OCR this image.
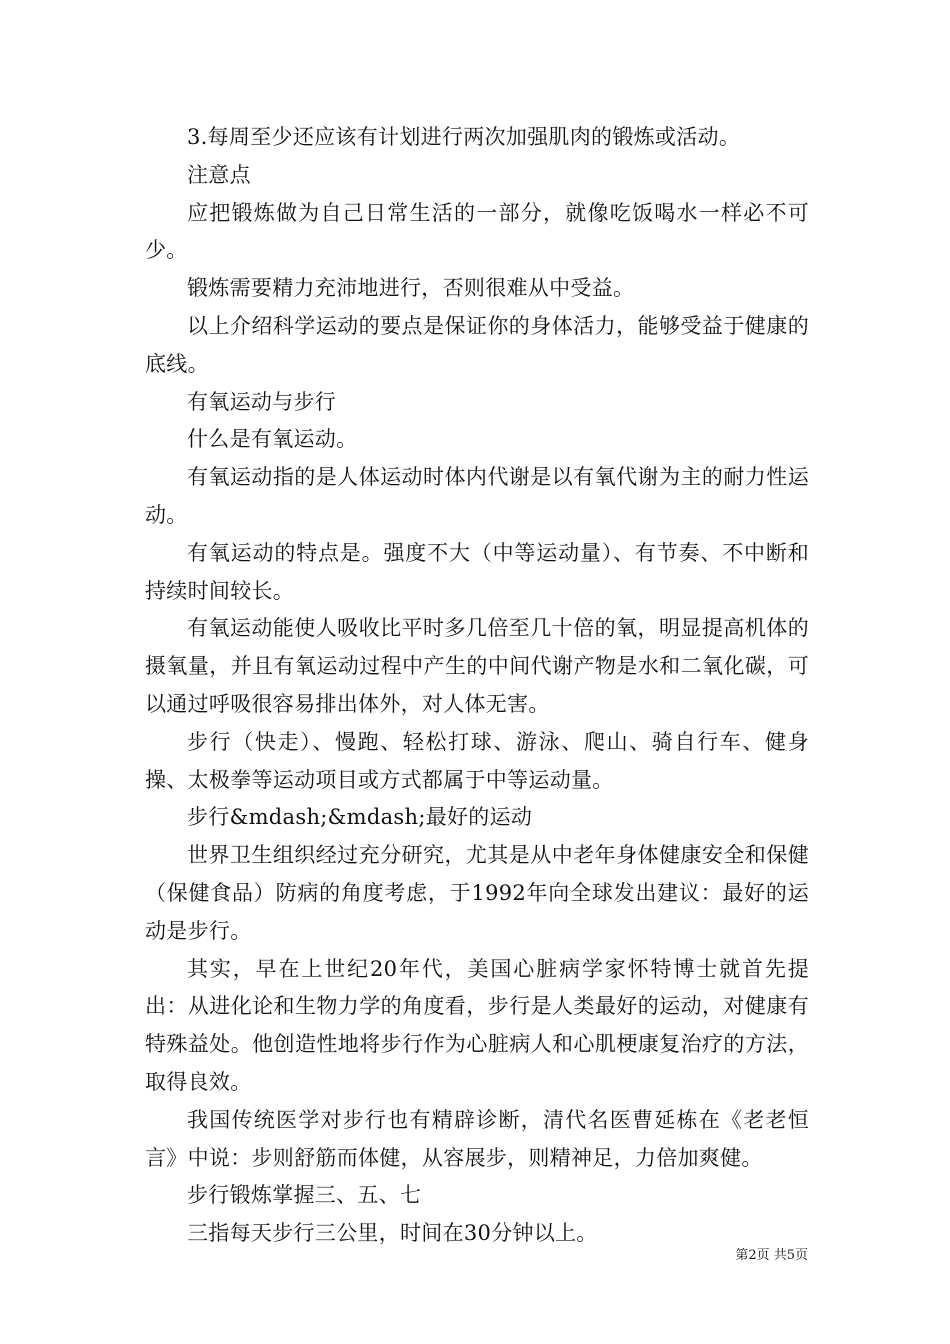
3.每周至少还应该有计划进行两次加强肌肉的锻炼或活动。

注意点

应把锻炼做为自己日常生活的一部分，就像吃饭喝水一样必不可少。

锻炼需要精力充沛地进行，否则很难从中受益。

以上介绍科学运动的要点是保证你的身体活力，能够受益于健康的底线。

有氧运动与步行

什么是有氧运动。

有氧运动指的是人体运动时体内代谢是以有氧代谢为主的耐力性运动。

有氧运动的特点是。强度不大（中等运动量）、有节奏、不中断和持续时间较长。

有氧运动能使人吸收比平时多几倍至几十倍的氧，明显提高机体的摄氧量，并且有氧运动过程中产生的中间代谢产物是水和二氧化碳，可以通过呼吸很容易排出体外，对人体无害。

步行（快走）、慢跑、轻松打球、游泳、爬山、骑自行车、健身操、太极拳等运动项目或方式都属于中等运动量。

步行&mdash;&mdash;最好的运动

世界卫生组织经过充分研究，尤其是从中老年身体健康安全和保健（保健食品）防病的角度考虑，于1992年向全球发出建议：最好的运动是步行。

其实，早在上世纪20年代，美国心脏病学家怀特博士就首先提出：从进化论和生物力学的角度看，步行是人类最好的运动，对健康有特殊益处。他创造性地将步行作为心脏病人和心肌梗康复治疗的方法，取得良效。

我国传统医学对步行也有精辟诊断，清代名医曹延栋在《老老恒言》中说：步则舒筋而体健，从容展步，则精神足，力倍加爽健。

步行锻炼掌握三、五、七

三指每天步行三公里，时间在30分钟以上。

第2页 共5页
